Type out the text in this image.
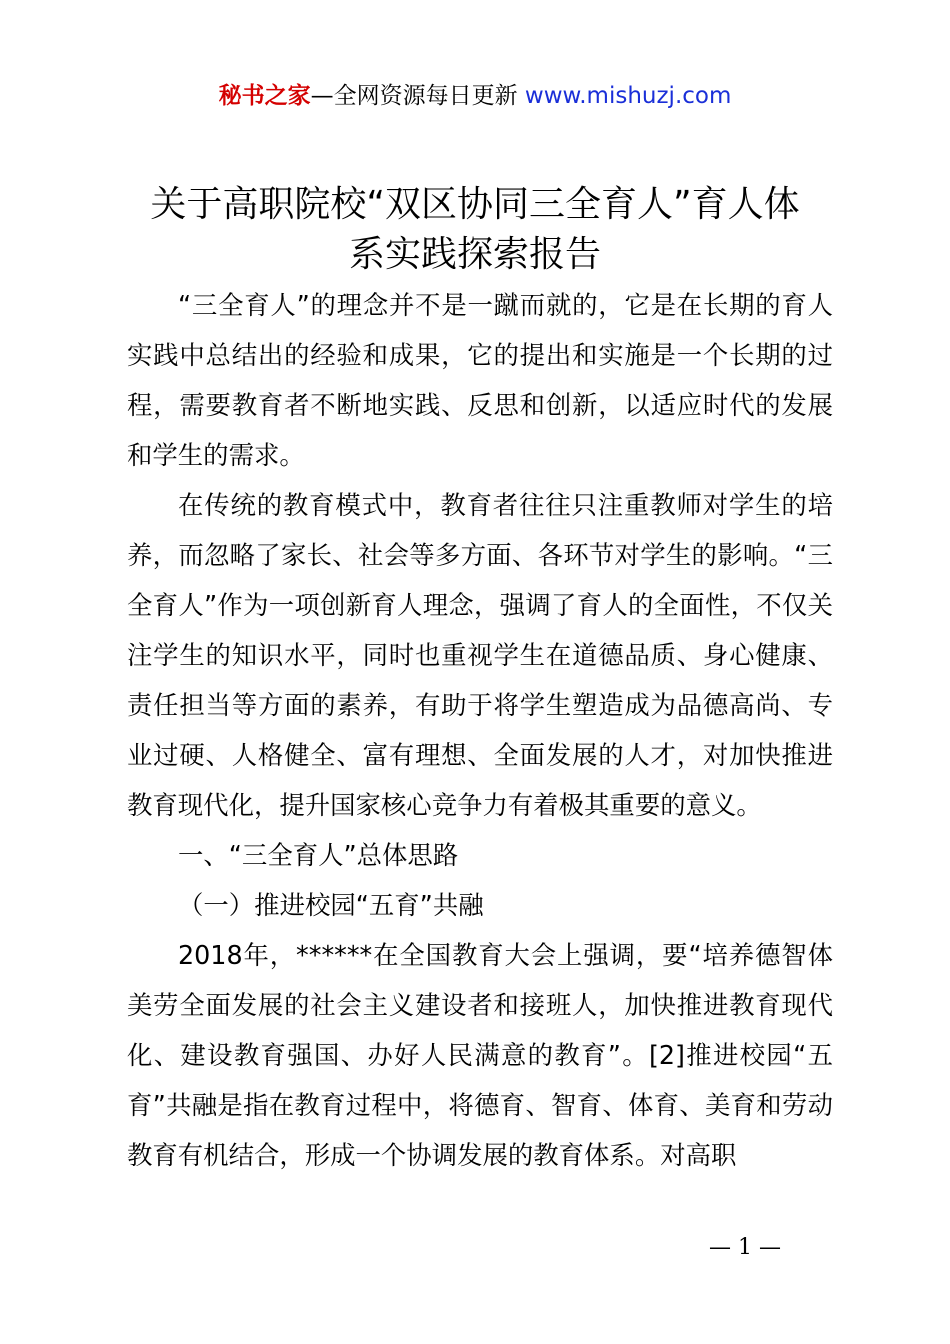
秘书之家—全网资源每日更新 www.mishuzj.com
关于高职院校“双区协同三全育人”育人体
系实践探索报告

“三全育人”的理念并不是一蹴而就的，它是在长期的育人实践中总结出的经验和成果，它的提出和实施是一个长期的过程，需要教育者不断地实践、反思和创新，以适应时代的发展和学生的需求。

在传统的教育模式中，教育者往往只注重教师对学生的培养，而忽略了家长、社会等多方面、各环节对学生的影响。“三全育人”作为一项创新育人理念，强调了育人的全面性，不仅关注学生的知识水平，同时也重视学生在道德品质、身心健康、责任担当等方面的素养，有助于将学生塑造成为品德高尚、专业过硬、人格健全、富有理想、全面发展的人才，对加快推进教育现代化，提升国家核心竞争力有着极其重要的意义。

一、“三全育人”总体思路

（一）推进校园“五育”共融

2018年，******在全国教育大会上强调，要“培养德智体美劳全面发展的社会主义建设者和接班人，加快推进教育现代化、建设教育强国、办好人民满意的教育”。[2]推进校园“五育”共融是指在教育过程中，将德育、智育、体育、美育和劳动教育有机结合，形成一个协调发展的教育体系。对高职

— 1 —
